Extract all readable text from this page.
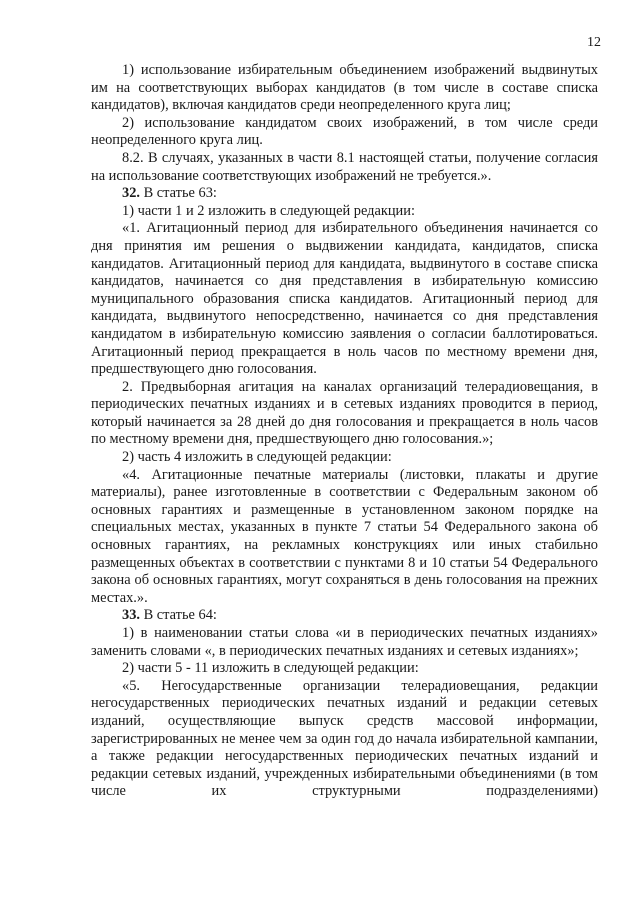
12

1) использование избирательным объединением изображений выдвинутых им на соответствующих выборах кандидатов (в том числе в составе списка кандидатов), включая кандидатов среди неопределенного круга лиц;

2) использование кандидатом своих изображений, в том числе среди неопределенного круга лиц.

8.2. В случаях, указанных в части 8.1 настоящей статьи, получение согласия на использование соответствующих изображений не требуется.».

32. В статье 63:

1) части 1 и 2 изложить в следующей редакции:

«1. Агитационный период для избирательного объединения начинается со дня принятия им решения о выдвижении кандидата, кандидатов, списка кандидатов. Агитационный период для кандидата, выдвинутого в составе списка кандидатов, начинается со дня представления в избирательную комиссию муниципального образования списка кандидатов. Агитационный период для кандидата, выдвинутого непосредственно, начинается со дня представления кандидатом в избирательную комиссию заявления о согласии баллотироваться. Агитационный период прекращается в ноль часов по местному времени дня, предшествующего дню голосования.

2. Предвыборная агитация на каналах организаций телерадиовещания, в периодических печатных изданиях и в сетевых изданиях проводится в период, который начинается за 28 дней до дня голосования и прекращается в ноль часов по местному времени дня, предшествующего дню голосования.»;

2) часть 4 изложить в следующей редакции:

«4. Агитационные печатные материалы (листовки, плакаты и другие материалы), ранее изготовленные в соответствии с Федеральным законом об основных гарантиях и размещенные в установленном законом порядке на специальных местах, указанных в пункте 7 статьи 54 Федерального закона об основных гарантиях, на рекламных конструкциях или иных стабильно размещенных объектах в соответствии с пунктами 8 и 10 статьи 54 Федерального закона об основных гарантиях, могут сохраняться в день голосования на прежних местах.».

33. В статье 64:

1) в наименовании статьи слова «и в периодических печатных изданиях» заменить словами «, в периодических печатных изданиях и сетевых изданиях»;

2) части 5 - 11 изложить в следующей редакции:

«5. Негосударственные организации телерадиовещания, редакции негосударственных периодических печатных изданий и редакции сетевых изданий, осуществляющие выпуск средств массовой информации, зарегистрированных не менее чем за один год до начала избирательной кампании, а также редакции негосударственных периодических печатных изданий и редакции сетевых изданий, учрежденных избирательными объединениями (в том числе их структурными подразделениями)
